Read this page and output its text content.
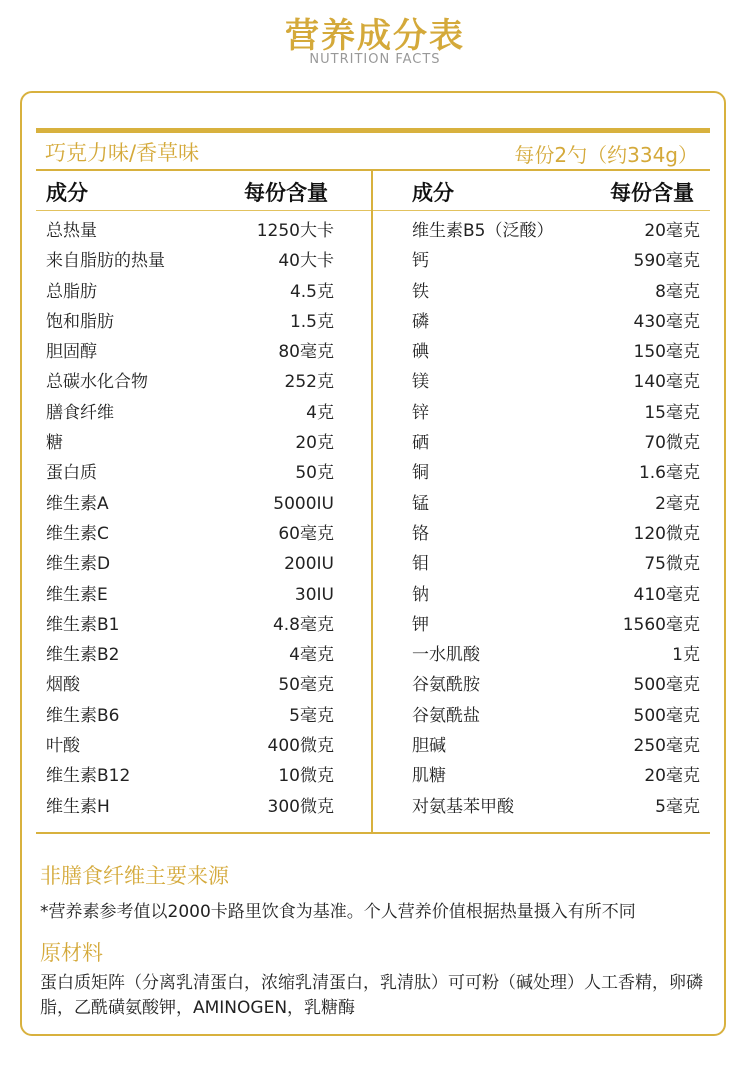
营养成分表
NUTRITION FACTS
巧克力味/香草味	每份2勺（约334g）
成分	每份含量	成分	每份含量
总热量	1250大卡
来自脂肪的热量	40大卡
总脂肪	4.5克
饱和脂肪	1.5克
胆固醇	80毫克
总碳水化合物	252克
膳食纤维	4克
糖	20克
蛋白质	50克
维生素A	5000IU
维生素C	60毫克
维生素D	200IU
维生素E	30IU
维生素B1	4.8毫克
维生素B2	4毫克
烟酸	50毫克
维生素B6	5毫克
叶酸	400微克
维生素B12	10微克
维生素H	300微克
维生素B5（泛酸）	20毫克
钙	590毫克
铁	8毫克
磷	430毫克
碘	150毫克
镁	140毫克
锌	15毫克
硒	70微克
铜	1.6毫克
锰	2毫克
铬	120微克
钼	75微克
钠	410毫克
钾	1560毫克
一水肌酸	1克
谷氨酰胺	500毫克
谷氨酰盐	500毫克
胆碱	250毫克
肌糖	20毫克
对氨基苯甲酸	5毫克
非膳食纤维主要来源
*营养素参考值以2000卡路里饮食为基准。个人营养价值根据热量摄入有所不同
原材料
蛋白质矩阵（分离乳清蛋白，浓缩乳清蛋白，乳清肽）可可粉（碱处理）人工香精，卵磷脂，乙酰磺氨酸钾，AMINOGEN，乳糖酶
